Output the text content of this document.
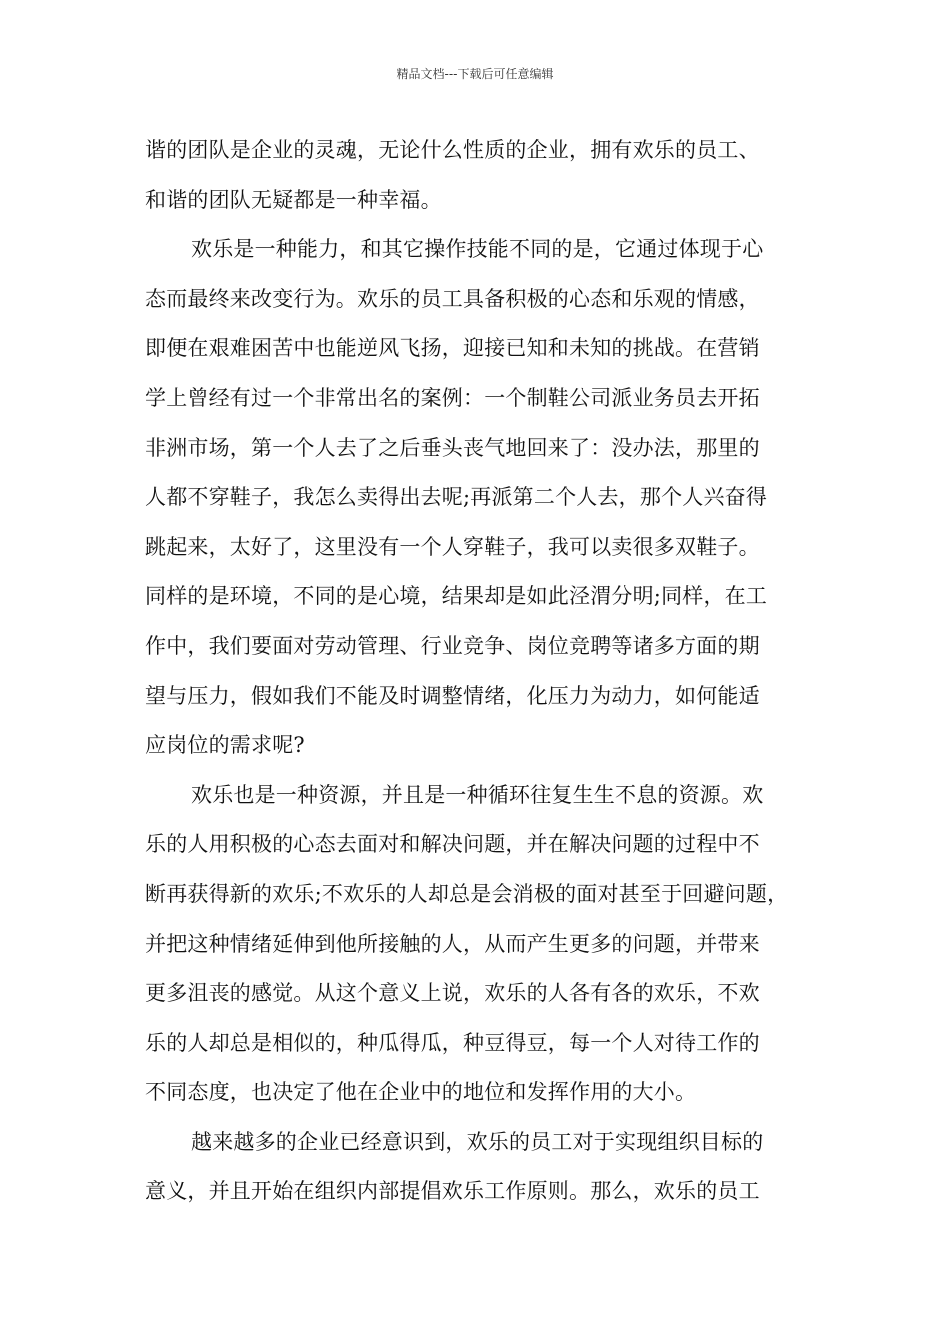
精品文档---下载后可任意编辑
谐的团队是企业的灵魂，无论什么性质的企业，拥有欢乐的员工、
和谐的团队无疑都是一种幸福。
欢乐是一种能力，和其它操作技能不同的是，它通过体现于心
态而最终来改变行为。欢乐的员工具备积极的心态和乐观的情感，
即便在艰难困苦中也能逆风飞扬，迎接已知和未知的挑战。在营销
学上曾经有过一个非常出名的案例：一个制鞋公司派业务员去开拓
非洲市场，第一个人去了之后垂头丧气地回来了：没办法，那里的
人都不穿鞋子，我怎么卖得出去呢;再派第二个人去，那个人兴奋得
跳起来，太好了，这里没有一个人穿鞋子，我可以卖很多双鞋子。
同样的是环境，不同的是心境，结果却是如此泾渭分明;同样，在工
作中，我们要面对劳动管理、行业竞争、岗位竞聘等诸多方面的期
望与压力，假如我们不能及时调整情绪，化压力为动力，如何能适
应岗位的需求呢?
欢乐也是一种资源，并且是一种循环往复生生不息的资源。欢
乐的人用积极的心态去面对和解决问题，并在解决问题的过程中不
断再获得新的欢乐;不欢乐的人却总是会消极的面对甚至于回避问题，
并把这种情绪延伸到他所接触的人，从而产生更多的问题，并带来
更多沮丧的感觉。从这个意义上说，欢乐的人各有各的欢乐，不欢
乐的人却总是相似的，种瓜得瓜，种豆得豆，每一个人对待工作的
不同态度，也决定了他在企业中的地位和发挥作用的大小。
越来越多的企业已经意识到，欢乐的员工对于实现组织目标的
意义，并且开始在组织内部提倡欢乐工作原则。那么，欢乐的员工
